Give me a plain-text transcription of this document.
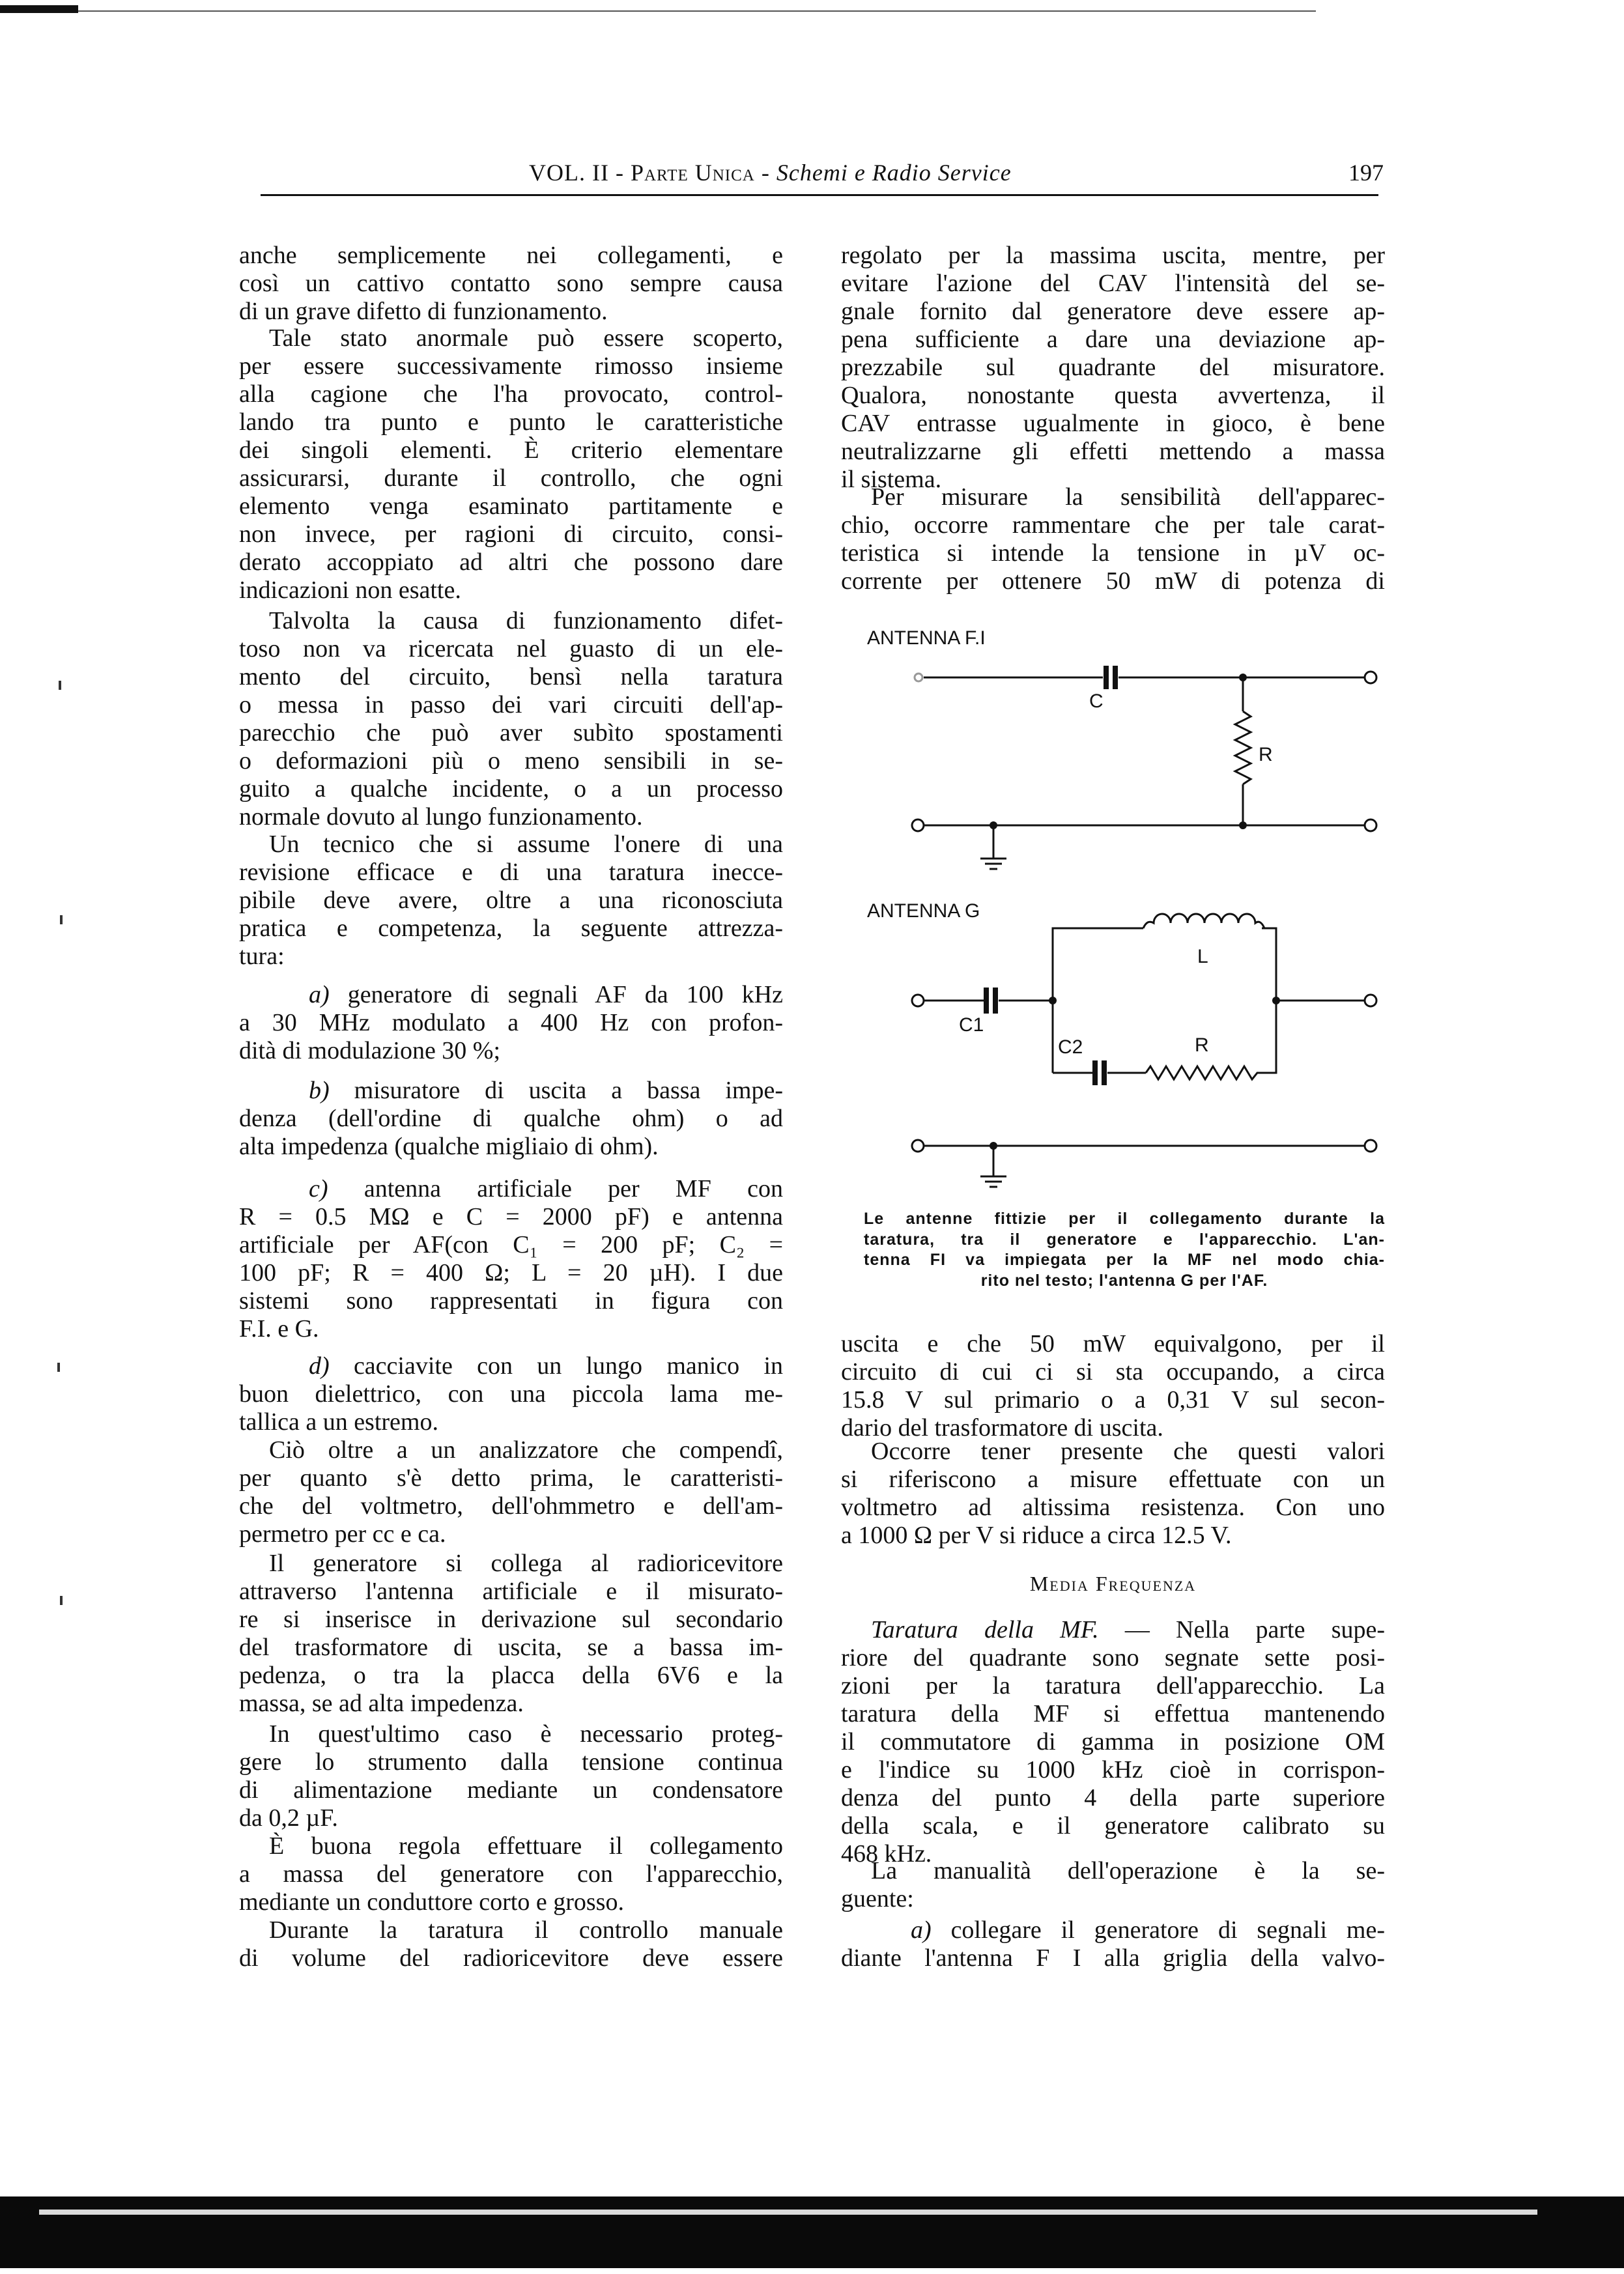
VOL. II - Parte Unica - Schemi e Radio Service	197
anche semplicemente nei collegamenti, e
così un cattivo contatto sono sempre causa
di un grave difetto di funzionamento.
Tale stato anormale può essere scoperto,
per essere successivamente rimosso insieme
alla cagione che l'ha provocato, control-
lando tra punto e punto le caratteristiche
dei singoli elementi. È criterio elementare
assicurarsi, durante il controllo, che ogni
elemento venga esaminato partitamente e
non invece, per ragioni di circuito, consi-
derato accoppiato ad altri che possono dare
indicazioni non esatte.
Talvolta la causa di funzionamento difet-
toso non va ricercata nel guasto di un ele-
mento del circuito, bensì nella taratura
o messa in passo dei vari circuiti dell'ap-
parecchio che può aver subìto spostamenti
o deformazioni più o meno sensibili in se-
guito a qualche incidente, o a un processo
normale dovuto al lungo funzionamento.
Un tecnico che si assume l'onere di una
revisione efficace e di una taratura inecce-
pibile deve avere, oltre a una riconosciuta
pratica e competenza, la seguente attrezza-
tura:
a) generatore di segnali AF da 100 kHz
a 30 MHz modulato a 400 Hz con profon-
dità di modulazione 30 %;
b) misuratore di uscita a bassa impe-
denza (dell'ordine di qualche ohm) o ad
alta impedenza (qualche migliaio di ohm).
c) antenna artificiale per MF con
R = 0.5 MΩ e C = 2000 pF) e antenna
artificiale per AF(con C₁ = 200 pF; C₂ =
100 pF; R = 400 Ω; L = 20 µH). I due
sistemi sono rappresentati in figura con
F.I. e G.
d) cacciavite con un lungo manico in
buon dielettrico, con una piccola lama me-
tallica a un estremo.
Ciò oltre a un analizzatore che compendî,
per quanto s'è detto prima, le caratteristi-
che del voltmetro, dell'ohmmetro e dell'am-
permetro per cc e ca.
Il generatore si collega al radioricevitore
attraverso l'antenna artificiale e il misurato-
re si inserisce in derivazione sul secondario
del trasformatore di uscita, se a bassa im-
pedenza, o tra la placca della 6V6 e la
massa, se ad alta impedenza.
In quest'ultimo caso è necessario proteg-
gere lo strumento dalla tensione continua
di alimentazione mediante un condensatore
da 0,2 µF.
È buona regola effettuare il collegamento
a massa del generatore con l'apparecchio,
mediante un conduttore corto e grosso.
Durante la taratura il controllo manuale
di volume del radioricevitore deve essere
regolato per la massima uscita, mentre, per
evitare l'azione del CAV l'intensità del se-
gnale fornito dal generatore deve essere ap-
pena sufficiente a dare una deviazione ap-
prezzabile sul quadrante del misuratore.
Qualora, nonostante questa avvertenza, il
CAV entrasse ugualmente in gioco, è bene
neutralizzarne gli effetti mettendo a massa
il sistema.
Per misurare la sensibilità dell'apparec-
chio, occorre rammentare che per tale carat-
teristica si intende la tensione in µV oc-
corrente per ottenere 50 mW di potenza di
uscita e che 50 mW equivalgono, per il
circuito di cui ci si sta occupando, a circa
15.8 V sul primario o a 0,31 V sul secon-
dario del trasformatore di uscita.
Occorre tener presente che questi valori
si riferiscono a misure effettuate con un
voltmetro ad altissima resistenza. Con uno
a 1000 Ω per V si riduce a circa 12.5 V.
Media Frequenza
Taratura della MF. — Nella parte supe-
riore del quadrante sono segnate sette posi-
zioni per la taratura dell'apparecchio. La
taratura della MF si effettua mantenendo
il commutatore di gamma in posizione OM
e l'indice su 1000 kHz cioè in corrispon-
denza del punto 4 della parte superiore
della scala, e il generatore calibrato su
468 kHz.
La manualità dell'operazione è la se-
guente:
a) collegare il generatore di segnali me-
diante l'antenna F I alla griglia della valvo-
ANTENNA F.I
C
R
ANTENNA G
L
C1
C2	R
Le antenne fittizie per il collegamento durante la
taratura, tra il generatore e l'apparecchio. L'an-
tenna FI va impiegata per la MF nel modo chia-
rito nel testo; l'antenna G per l'AF.
